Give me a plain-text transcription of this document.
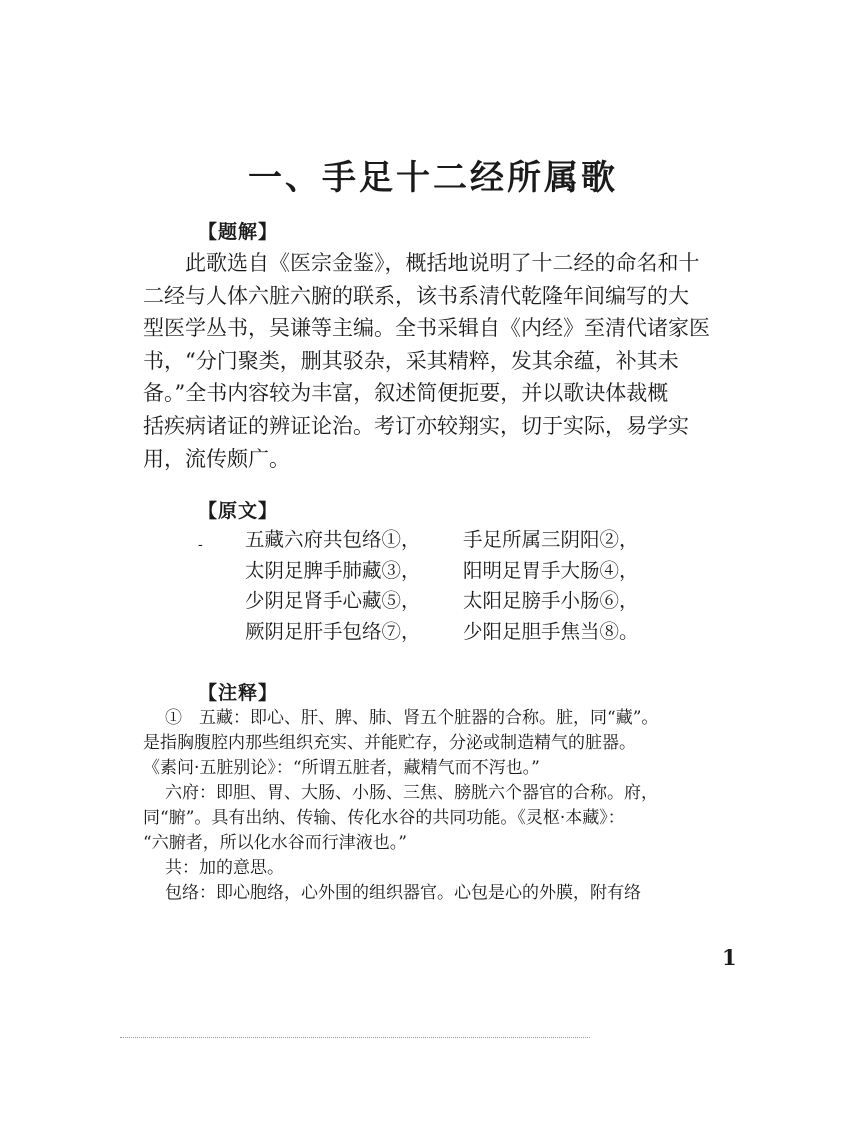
一、手足十二经所属歌
【题解】
此歌选自《医宗金鉴》，概括地说明了十二经的命名和十
二经与人体六脏六腑的联系，该书系清代乾隆年间编写的大
型医学丛书，吴谦等主编。全书采辑自《内经》至清代诸家医
书，“分门聚类，删其驳杂，采其精粹，发其余蕴，补其未
备。”全书内容较为丰富，叙述简便扼要，并以歌诀体裁概
括疾病诸证的辨证论治。考订亦较翔实，切于实际，易学实
用，流传颇广。
【原文】
- 五藏六府共包络①，	手足所属三阴阳②，
太阴足脾手肺藏③，	阳明足胃手大肠④，
少阴足肾手心藏⑤，	太阳足膀手小肠⑥，
厥阴足肝手包络⑦，	少阳足胆手焦当⑧。
【注释】
①　五藏：即心、肝、脾、肺、肾五个脏器的合称。脏，同“藏”。
是指胸腹腔内那些组织充实、并能贮存，分泌或制造精气的脏器。
《素问·五脏别论》：“所谓五脏者，藏精气而不泻也。”
六府：即胆、胃、大肠、小肠、三焦、膀胱六个器官的合称。府，
同“腑”。具有出纳、传输、传化水谷的共同功能。《灵枢·本藏》：
“六腑者，所以化水谷而行津液也。”
共：加的意思。
包络：即心胞络，心外围的组织器官。心包是心的外膜，附有络
1
